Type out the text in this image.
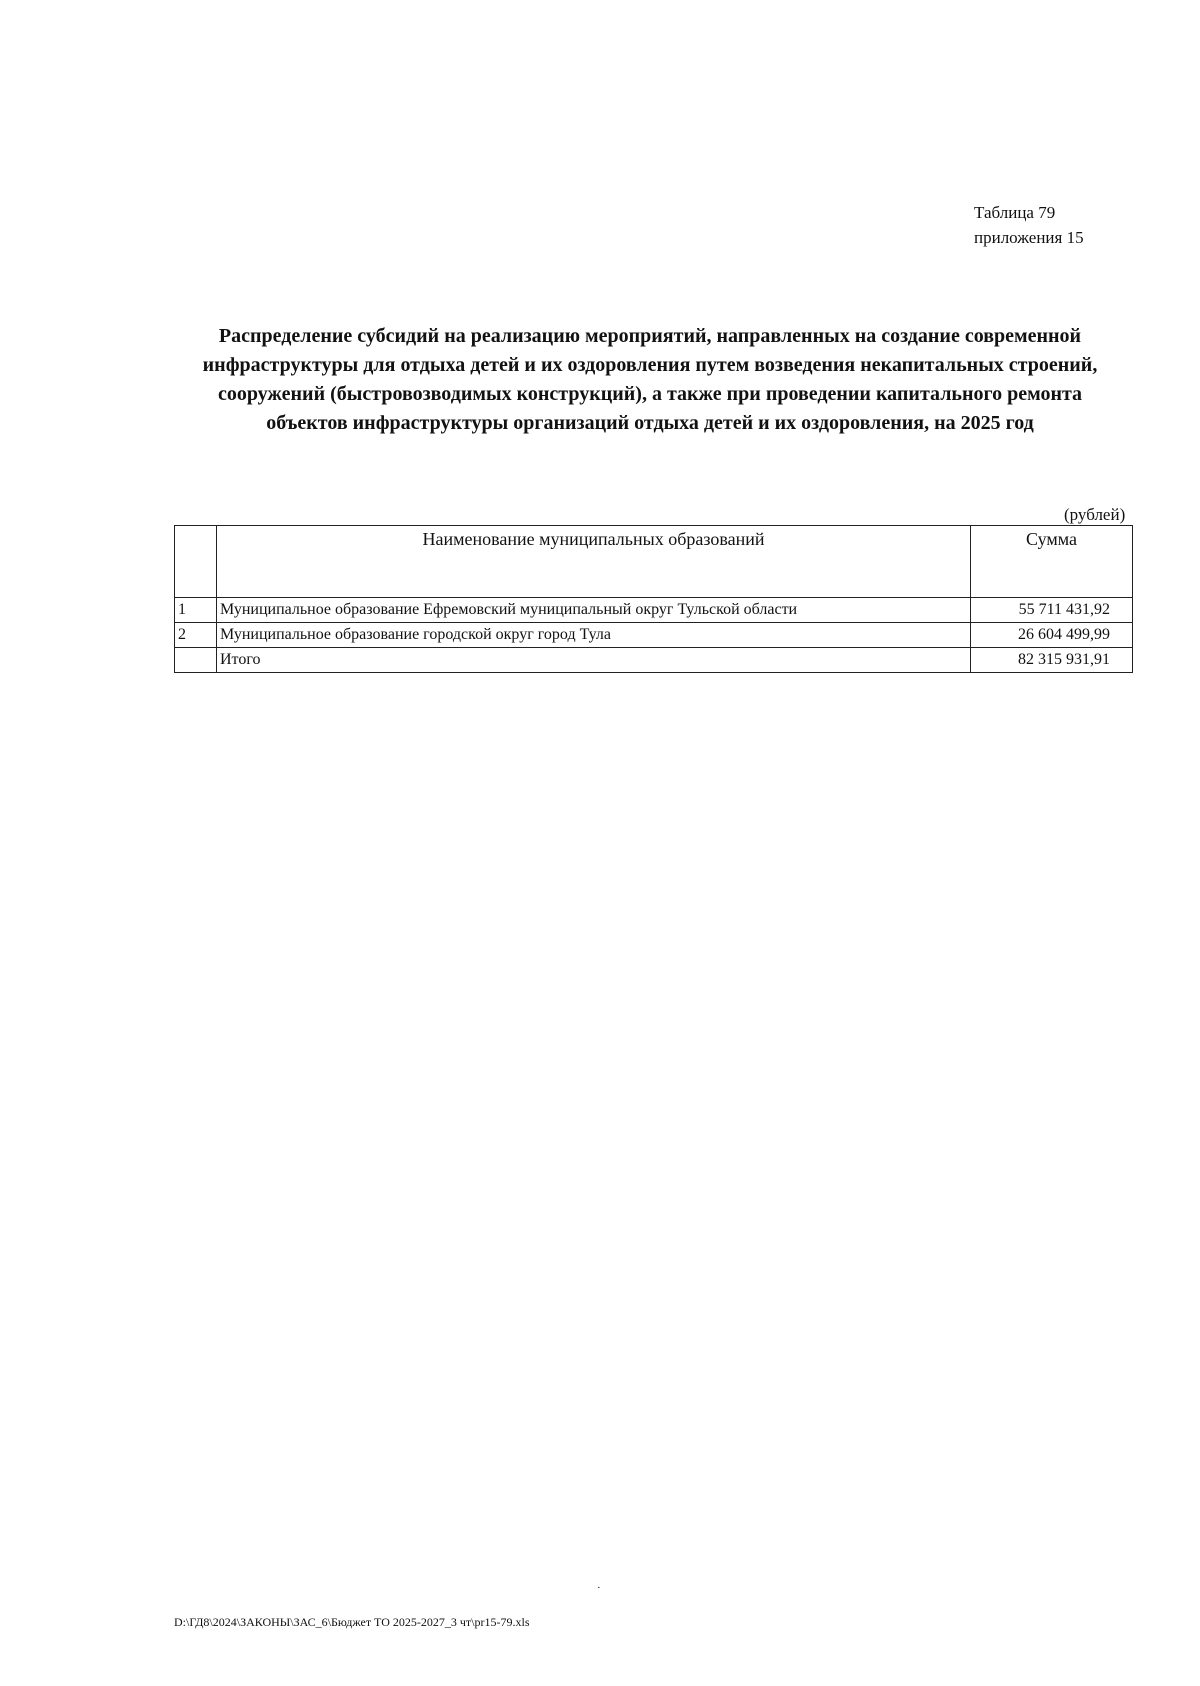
Таблица 79
приложения 15
Распределение субсидий на реализацию мероприятий, направленных на создание современной
инфраструктуры для отдыха детей и их оздоровления путем возведения некапитальных строений,
сооружений (быстровозводимых конструкций), а также при проведении капитального ремонта
объектов инфраструктуры организаций отдыха детей и их оздоровления, на 2025 год
(рублей)
	Наименование муниципальных образований	Сумма
1	Муниципальное образование Ефремовский муниципальный округ Тульской области	55 711 431,92
2	Муниципальное образование городской округ город Тула	26 604 499,99
	Итого	82 315 931,91
·
D:\ГД8\2024\ЗАКОНЫ\ЗАС_6\Бюджет ТО 2025-2027_3 чт\pr15-79.xls
